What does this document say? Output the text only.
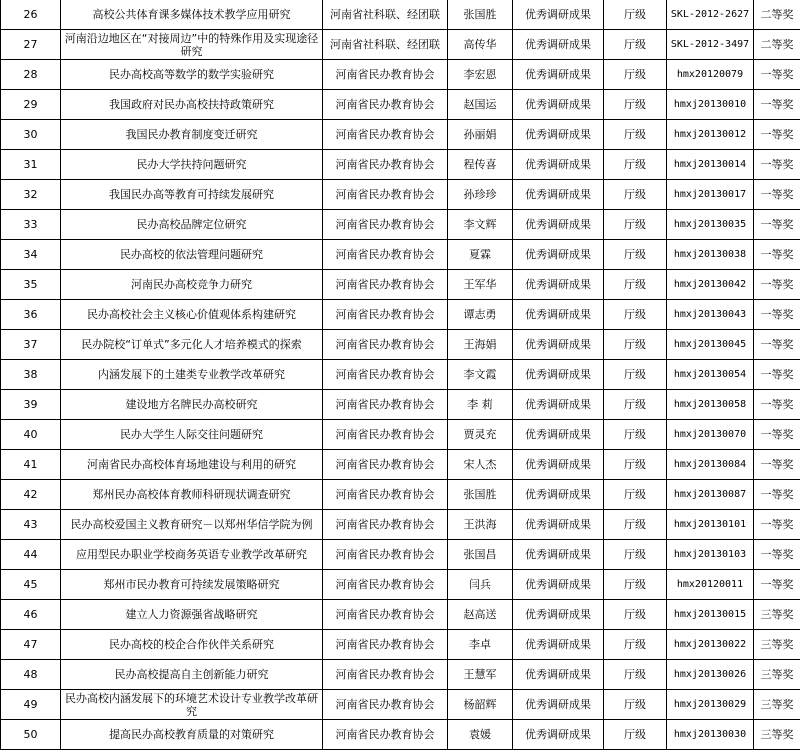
26	高校公共体育课多媒体技术教学应用研究	河南省社科联、经团联	张国胜	优秀调研成果	厅级	SKL-2012-2627	二等奖
27	河南沿边地区在“对接周边”中的特殊作用及实现途径研究	河南省社科联、经团联	高传华	优秀调研成果	厅级	SKL-2012-3497	二等奖
28	民办高校高等数学的数学实验研究	河南省民办教育协会	李宏恩	优秀调研成果	厅级	hmx20120079	一等奖
29	我国政府对民办高校扶持政策研究	河南省民办教育协会	赵国运	优秀调研成果	厅级	hmxj20130010	一等奖
30	我国民办教育制度变迁研究	河南省民办教育协会	孙丽娟	优秀调研成果	厅级	hmxj20130012	一等奖
31	民办大学扶持问题研究	河南省民办教育协会	程传喜	优秀调研成果	厅级	hmxj20130014	一等奖
32	我国民办高等教育可持续发展研究	河南省民办教育协会	孙珍珍	优秀调研成果	厅级	hmxj20130017	一等奖
33	民办高校品牌定位研究	河南省民办教育协会	李文辉	优秀调研成果	厅级	hmxj20130035	一等奖
34	民办高校的依法管理问题研究	河南省民办教育协会	夏霖	优秀调研成果	厅级	hmxj20130038	一等奖
35	河南民办高校竞争力研究	河南省民办教育协会	王军华	优秀调研成果	厅级	hmxj20130042	一等奖
36	民办高校社会主义核心价值观体系构建研究	河南省民办教育协会	谭志勇	优秀调研成果	厅级	hmxj20130043	一等奖
37	民办院校“订单式”多元化人才培养模式的探索	河南省民办教育协会	王海娟	优秀调研成果	厅级	hmxj20130045	一等奖
38	内涵发展下的土建类专业教学改革研究	河南省民办教育协会	李文霞	优秀调研成果	厅级	hmxj20130054	一等奖
39	建设地方名牌民办高校研究	河南省民办教育协会	李 莉	优秀调研成果	厅级	hmxj20130058	一等奖
40	民办大学生人际交往问题研究	河南省民办教育协会	贾灵充	优秀调研成果	厅级	hmxj20130070	一等奖
41	河南省民办高校体育场地建设与利用的研究	河南省民办教育协会	宋人杰	优秀调研成果	厅级	hmxj20130084	一等奖
42	郑州民办高校体育教师科研现状调查研究	河南省民办教育协会	张国胜	优秀调研成果	厅级	hmxj20130087	一等奖
43	民办高校爱国主义教育研究－以郑州华信学院为例	河南省民办教育协会	王洪海	优秀调研成果	厅级	hmxj20130101	一等奖
44	应用型民办职业学校商务英语专业教学改革研究	河南省民办教育协会	张国昌	优秀调研成果	厅级	hmxj20130103	一等奖
45	郑州市民办教育可持续发展策略研究	河南省民办教育协会	闫兵	优秀调研成果	厅级	hmx20120011	一等奖
46	建立人力资源强省战略研究	河南省民办教育协会	赵高送	优秀调研成果	厅级	hmxj20130015	三等奖
47	民办高校的校企合作伙伴关系研究	河南省民办教育协会	李卓	优秀调研成果	厅级	hmxj20130022	三等奖
48	民办高校提高自主创新能力研究	河南省民办教育协会	王慧军	优秀调研成果	厅级	hmxj20130026	三等奖
49	民办高校内涵发展下的环境艺术设计专业教学改革研究	河南省民办教育协会	杨韶辉	优秀调研成果	厅级	hmxj20130029	三等奖
50	提高民办高校教育质量的对策研究	河南省民办教育协会	袁媛	优秀调研成果	厅级	hmxj20130030	三等奖
